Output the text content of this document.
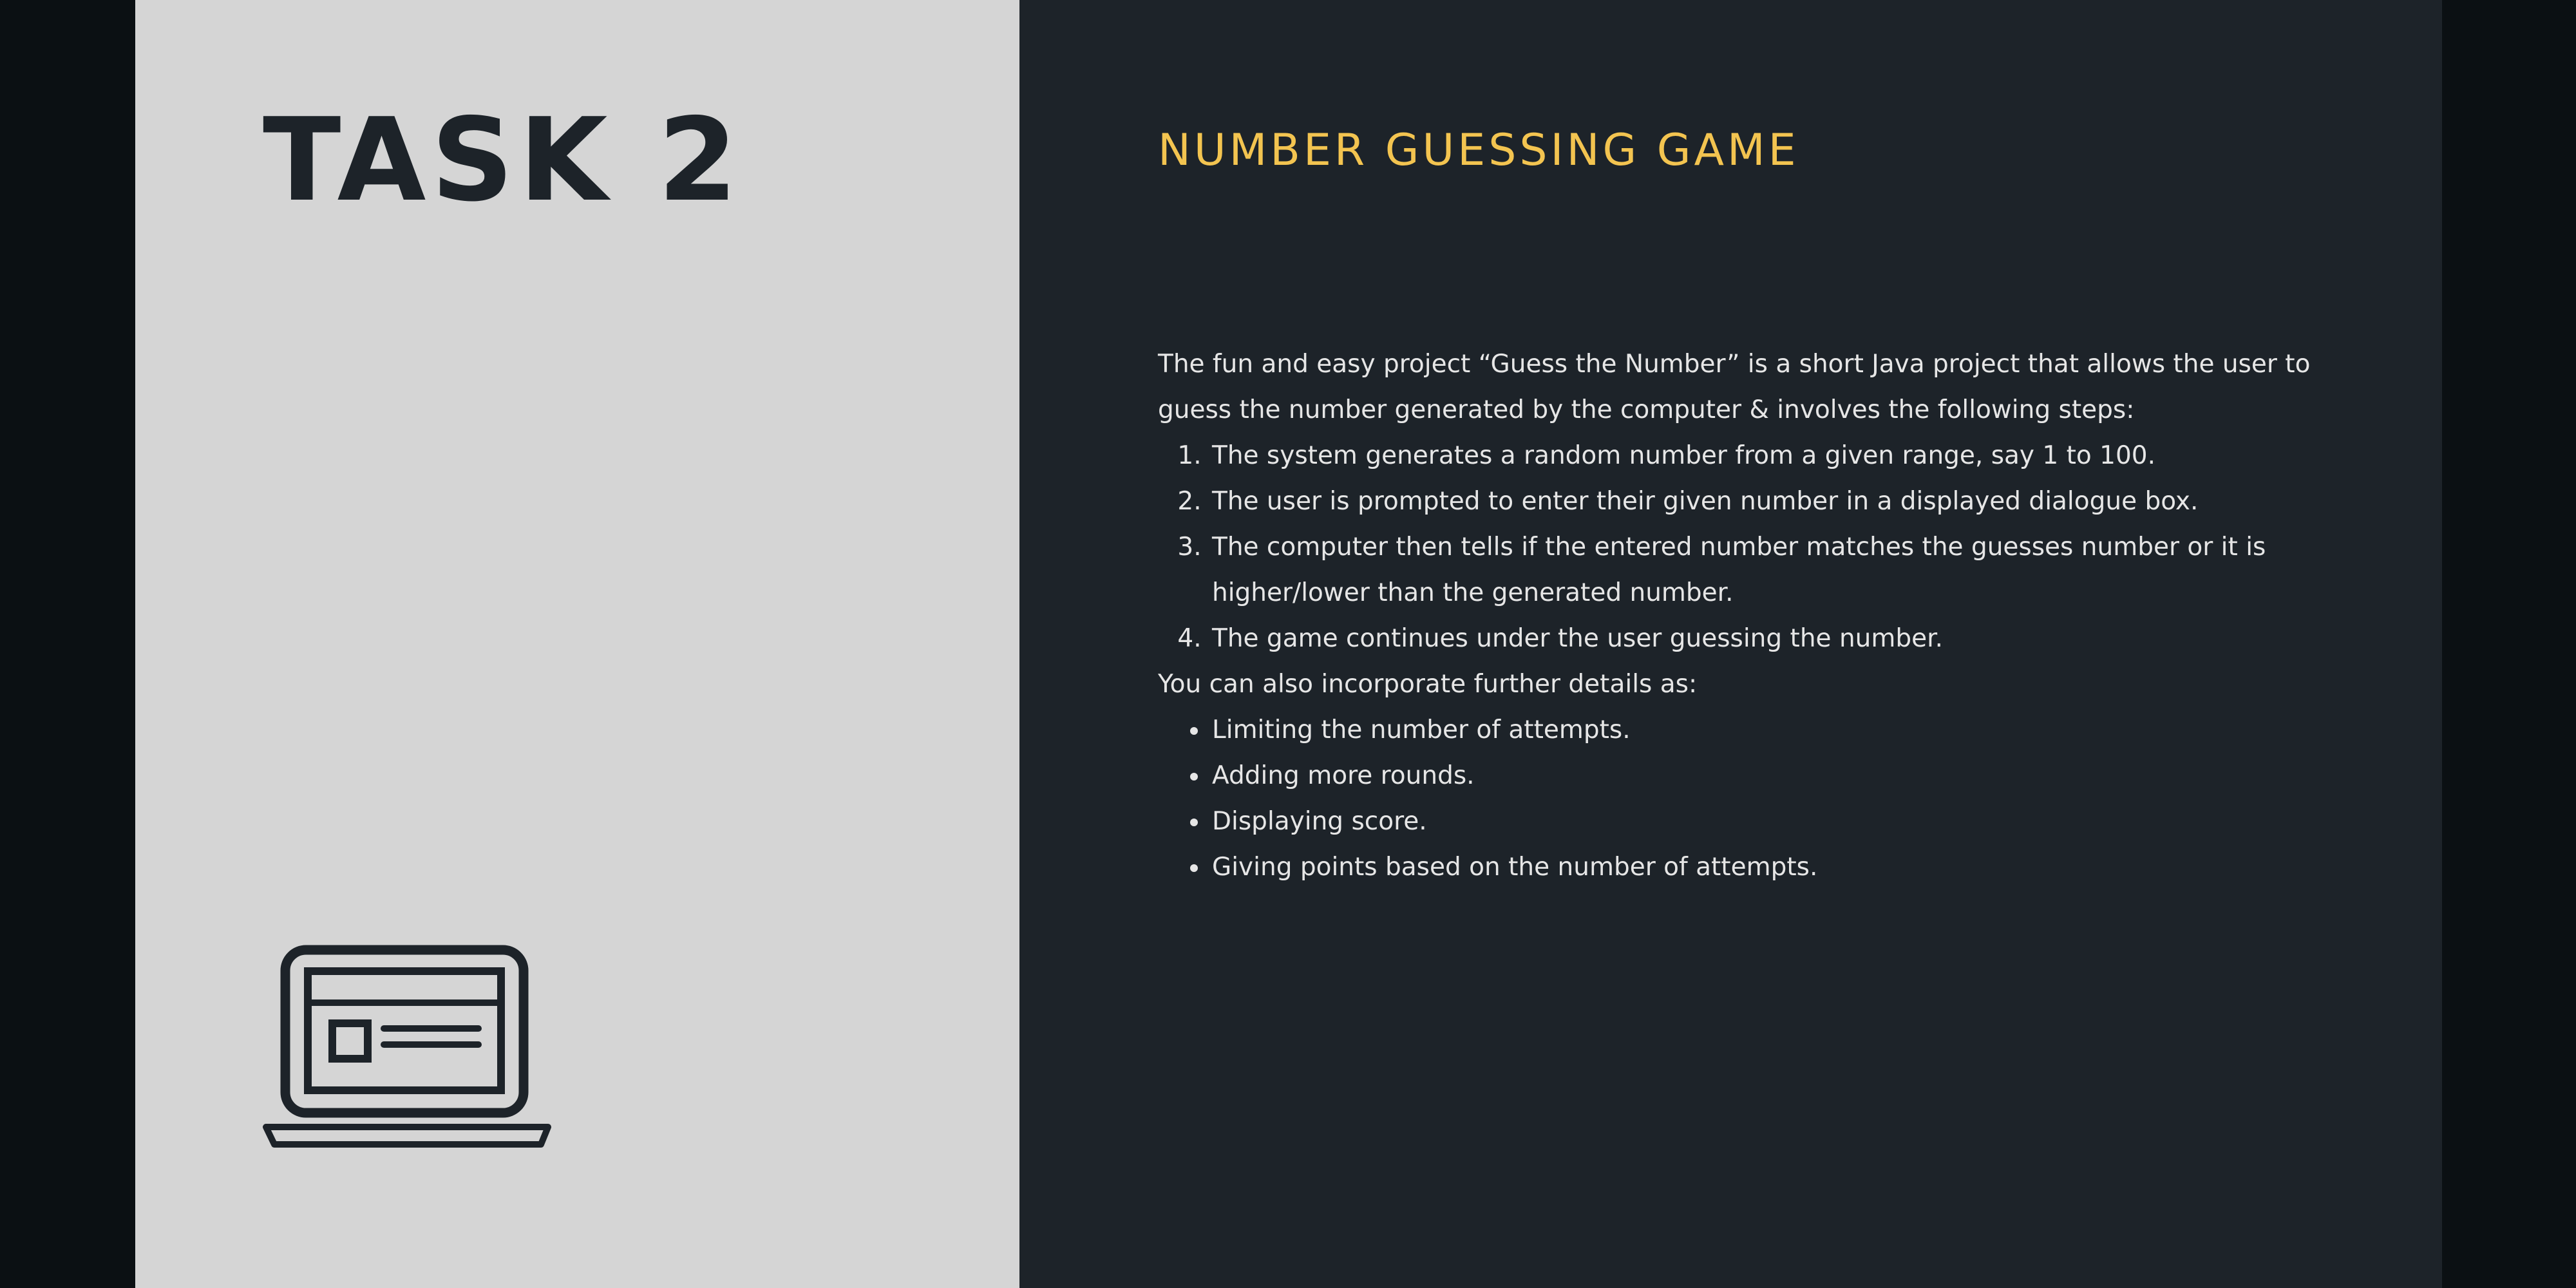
TASK 2	NUMBER GUESSING GAME

The fun and easy project “Guess the Number” is a short Java project that allows the user to guess the number generated by the computer & involves the following steps:

1. The system generates a random number from a given range, say 1 to 100.
2. The user is prompted to enter their given number in a displayed dialogue box.
3. The computer then tells if the entered number matches the guesses number or it is higher/lower than the generated number.
4. The game continues under the user guessing the number.

You can also incorporate further details as:

• Limiting the number of attempts.
• Adding more rounds.
• Displaying score.
• Giving points based on the number of attempts.
